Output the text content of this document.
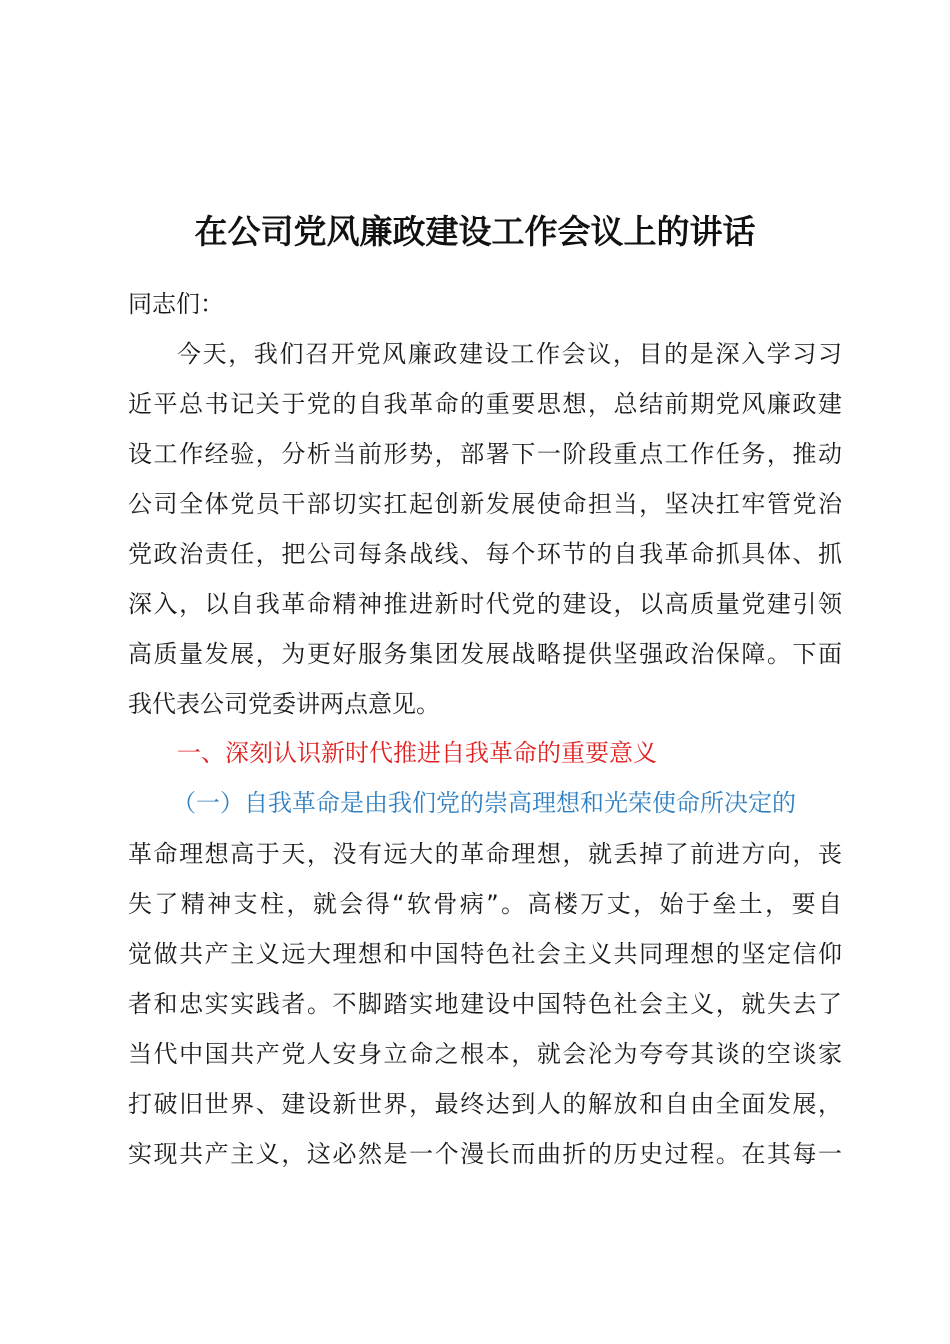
在公司党风廉政建设工作会议上的讲话
同志们：
今天，我们召开党风廉政建设工作会议，目的是深入学习习
近平总书记关于党的自我革命的重要思想，总结前期党风廉政建
设工作经验，分析当前形势，部署下一阶段重点工作任务，推动
公司全体党员干部切实扛起创新发展使命担当，坚决扛牢管党治
党政治责任，把公司每条战线、每个环节的自我革命抓具体、抓
深入，以自我革命精神推进新时代党的建设，以高质量党建引领
高质量发展，为更好服务集团发展战略提供坚强政治保障。下面
我代表公司党委讲两点意见。
一、深刻认识新时代推进自我革命的重要意义
（一）自我革命是由我们党的崇高理想和光荣使命所决定的
革命理想高于天，没有远大的革命理想，就丢掉了前进方向，丧
失了精神支柱，就会得“软骨病”。高楼万丈，始于垒土，要自
觉做共产主义远大理想和中国特色社会主义共同理想的坚定信仰
者和忠实实践者。不脚踏实地建设中国特色社会主义，就失去了
当代中国共产党人安身立命之根本，就会沦为夸夸其谈的空谈家
打破旧世界、建设新世界，最终达到人的解放和自由全面发展，
实现共产主义，这必然是一个漫长而曲折的历史过程。在其每一
